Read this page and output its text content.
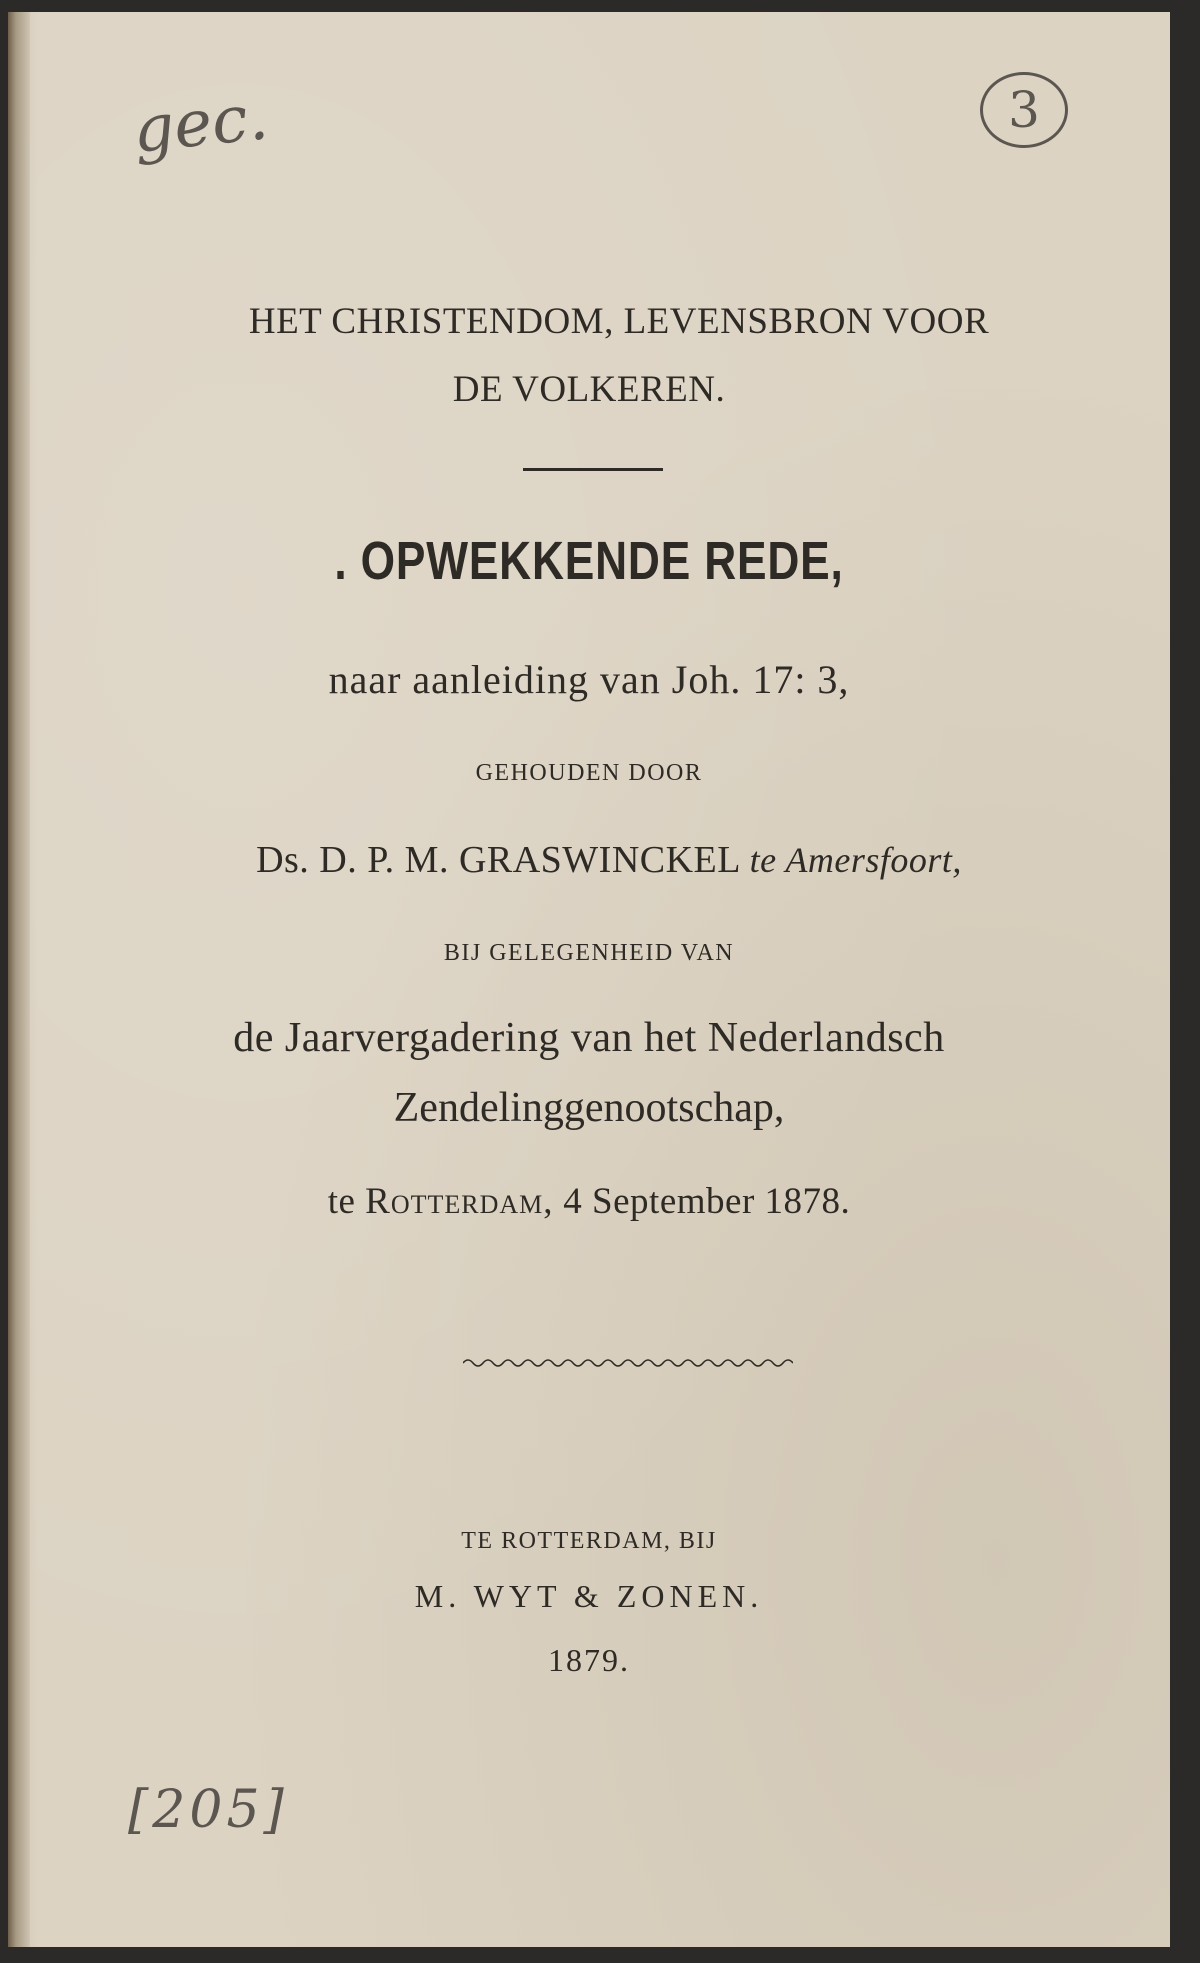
gec.	3
HET CHRISTENDOM, LEVENSBRON VOOR
DE VOLKEREN.
. OPWEKKENDE REDE,
naar aanleiding van Joh. 17: 3,
GEHOUDEN DOOR
Ds. D. P. M. GRASWINCKEL te Amersfoort,
BIJ GELEGENHEID VAN
de Jaarvergadering van het Nederlandsch
Zendelinggenootschap,
te Rotterdam, 4 September 1878.
TE ROTTERDAM, BIJ
M. WYT & ZONEN.
1879.
[205]
